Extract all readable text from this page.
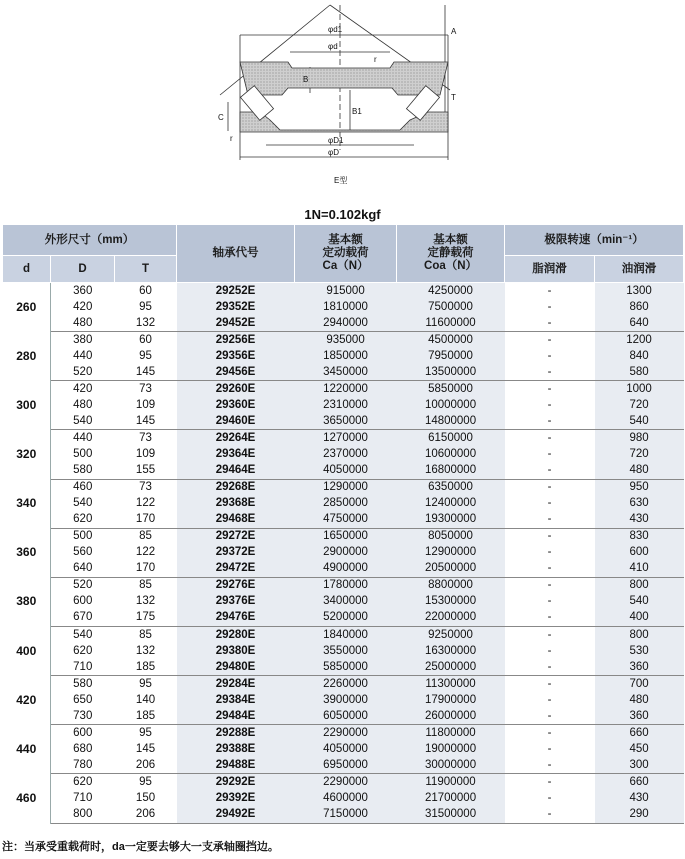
φd1
φd
r
B
B1
A
T
C
r	φD1
φD
E型
1N=0.102kgf
外形尺寸（mm）			轴承代号	基本额
定动载荷
Ca（N）	基本额
定静载荷
Coa（N）	极限转速（min⁻¹）	
d	D	T				脂润滑	油润滑
260	360	60	29252E	915000	4250000	-	1300
	420	95	29352E	1810000	7500000	-	860
	480	132	29452E	2940000	11600000	-	640
280	380	60	29256E	935000	4500000	-	1200
	440	95	29356E	1850000	7950000	-	840
	520	145	29456E	3450000	13500000	-	580
300	420	73	29260E	1220000	5850000	-	1000
	480	109	29360E	2310000	10000000	-	720
	540	145	29460E	3650000	14800000	-	540
320	440	73	29264E	1270000	6150000	-	980
	500	109	29364E	2370000	10600000	-	720
	580	155	29464E	4050000	16800000	-	480
340	460	73	29268E	1290000	6350000	-	950
	540	122	29368E	2850000	12400000	-	630
	620	170	29468E	4750000	19300000	-	430
360	500	85	29272E	1650000	8050000	-	830
	560	122	29372E	2900000	12900000	-	600
	640	170	29472E	4900000	20500000	-	410
380	520	85	29276E	1780000	8800000	-	800
	600	132	29376E	3400000	15300000	-	540
	670	175	29476E	5200000	22000000	-	400
400	540	85	29280E	1840000	9250000	-	800
	620	132	29380E	3550000	16300000	-	530
	710	185	29480E	5850000	25000000	-	360
420	580	95	29284E	2260000	11300000	-	700
	650	140	29384E	3900000	17900000	-	480
	730	185	29484E	6050000	26000000	-	360
440	600	95	29288E	2290000	11800000	-	660
	680	145	29388E	4050000	19000000	-	450
	780	206	29488E	6950000	30000000	-	300
460	620	95	29292E	2290000	11900000	-	660
	710	150	29392E	4600000	21700000	-	430
	800	206	29492E	7150000	31500000	-	290
注：当承受重载荷时，da一定要去够大一支承轴圈挡边。
